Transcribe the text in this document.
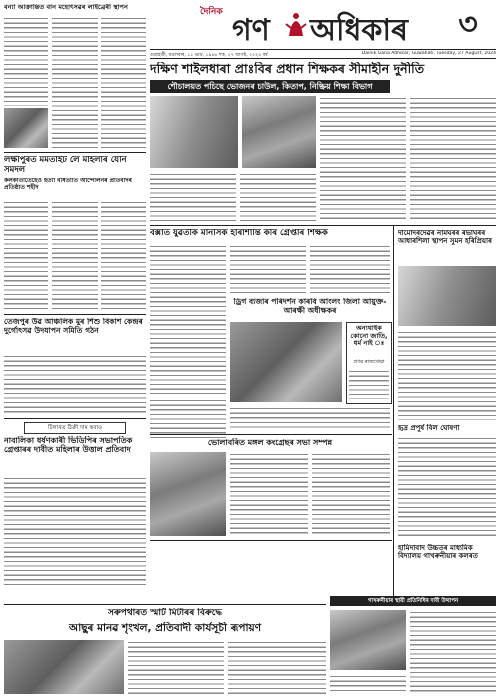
দৈনিক
গণ অধিকাৰ ৩
গুৱাহাটী, মঙলবাৰ, ১১ ভাদ্ৰ, ১৯৪৬ শক, ২৭ আগষ্ট, ২০২৪ বৰ্ষ	Dainik Gana Adhikar, Guwahati, Tuesday, 27 August, 2024
বন্যা আক্ৰান্তিত বান মহোৎসৱৰ লাইব্ৰেৰী স্থাপন
লক্ষীপুৰত মমতাইট লৈ মহিলাৰ যৌন সমদল
কলকাতাতেহৈও হত্যা বৰ্ষিতাতি আন্দোলনৰ প্ৰতিবাদৰ প্ৰতিষ্ঠাত শহীদ
তেজপুৰ উৱ আঞ্চলিক মুৰ শিশু বিকাশ কেন্দ্ৰৰ দুৰ্গোৎসৱ উদযাপন সমিতি গঠন
টিলাৰত ঠিক্ৰী দাম স্থবাও
নাবালিকা ধৰ্ষণকাৰী ভিডিপিৰ সভাপতিক গ্ৰেপ্তাৰৰ দাবীত মহিলাৰ উত্তাল প্ৰতিবাদ
দক্ষিণ শাইলধাৰা প্ৰাঃবিৰ প্ৰধান শিক্ষকৰ সীমাহীন দুনীতি
শৌচালয়ত পচিছে ভোজনৰ চাউল, কিতাপ, নিষ্ক্ৰিয় শিক্ষা বিভাগ
বক্সাত যুৱতীক মানসিক হাৰাশান্তি কৰি গ্ৰেপ্তাৰ শিক্ষক
ড্ৰিগ ব্যজাৰ পৰিদৰ্শন কাৰবি আংলং জিলা আয়ুক্ত-আৰক্ষী অধীক্ষকৰ
অন্যথাইক কোনো জাতি, ধৰ্ম নাই ঃ
প্ৰণৱ ৰাজখোৱা
ভোলাবৰিত মঙ্গল কংগ্ৰেছৰ সভা সম্পন্ন
দামোদৰদেৱৰ নামঘৰৰ ৰভাঘৰৰ আধাৰশিলা স্থাপন সুমন হৰিপ্ৰিয়াৰ
হৃদ্ৰ প্ৰপুৰ্ষ বিল ঘোষণা
হামিদাবাদ উচ্চতৰ মাধ্যমিক বিদ্যালয় গাখৰুনীয়াৰ কলৰত
গাখৰুনীয়াৰ স্থায়ী প্ৰতিনিধিৰ দাবী উত্থাপন
সৰুপথাৰত স্মাৰ্ট মিটাৰৰ বিৰুদ্ধে
আছুৰ মানৱ শৃংখল, প্ৰতিবাদী কাৰ্যসূচী ৰূপায়ণ
